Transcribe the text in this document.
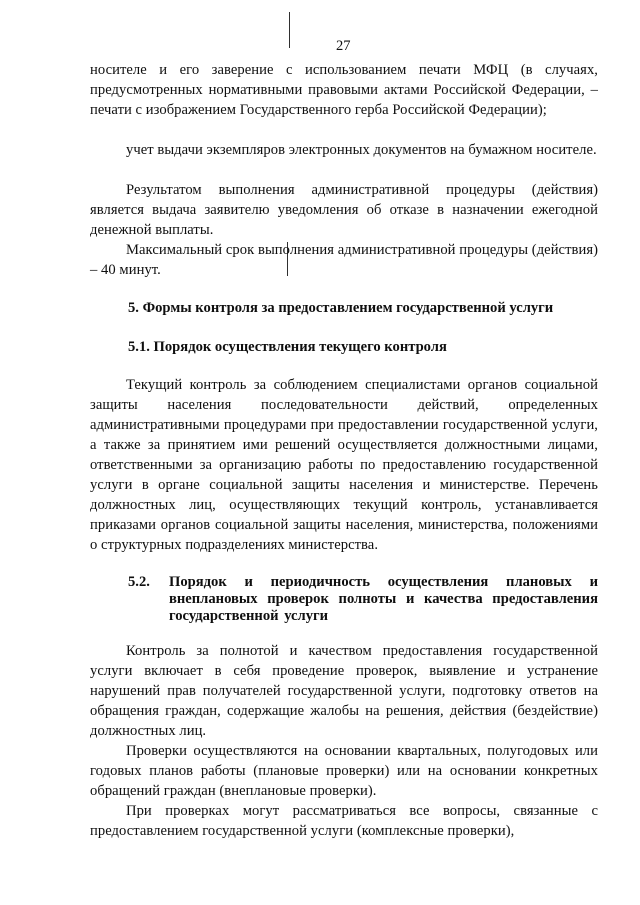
27
носителе и его заверение с использованием печати МФЦ (в случаях, предусмотренных нормативными правовыми актами Российской Федерации, – печати с изображением Государственного герба Российской Федерации);
учет выдачи экземпляров электронных документов на бумажном носителе.
Результатом выполнения административной процедуры (действия) является выдача заявителю уведомления об отказе в назначении ежегодной денежной выплаты.
Максимальный срок выполнения административной процедуры (действия) – 40 минут.
5. Формы контроля за предоставлением государственной услуги
5.1. Порядок осуществления текущего контроля
Текущий контроль за соблюдением специалистами органов социальной защиты населения последовательности действий, определенных административными процедурами при предоставлении государственной услуги, а также за принятием ими решений осуществляется должностными лицами, ответственными за организацию работы по предоставлению государственной услуги в органе социальной защиты населения и министерстве. Перечень должностных лиц, осуществляющих текущий контроль, устанавливается приказами органов социальной защиты населения, министерства, положениями о структурных подразделениях министерства.
5.2. Порядок и периодичность осуществления плановых и внеплановых проверок полноты и качества предоставления государственной услуги
Контроль за полнотой и качеством предоставления государственной услуги включает в себя проведение проверок, выявление и устранение нарушений прав получателей государственной услуги, подготовку ответов на обращения граждан, содержащие жалобы на решения, действия (бездействие) должностных лиц.
Проверки осуществляются на основании квартальных, полугодовых или годовых планов работы (плановые проверки) или на основании конкретных обращений граждан (внеплановые проверки).
При проверках могут рассматриваться все вопросы, связанные с предоставлением государственной услуги (комплексные проверки),
